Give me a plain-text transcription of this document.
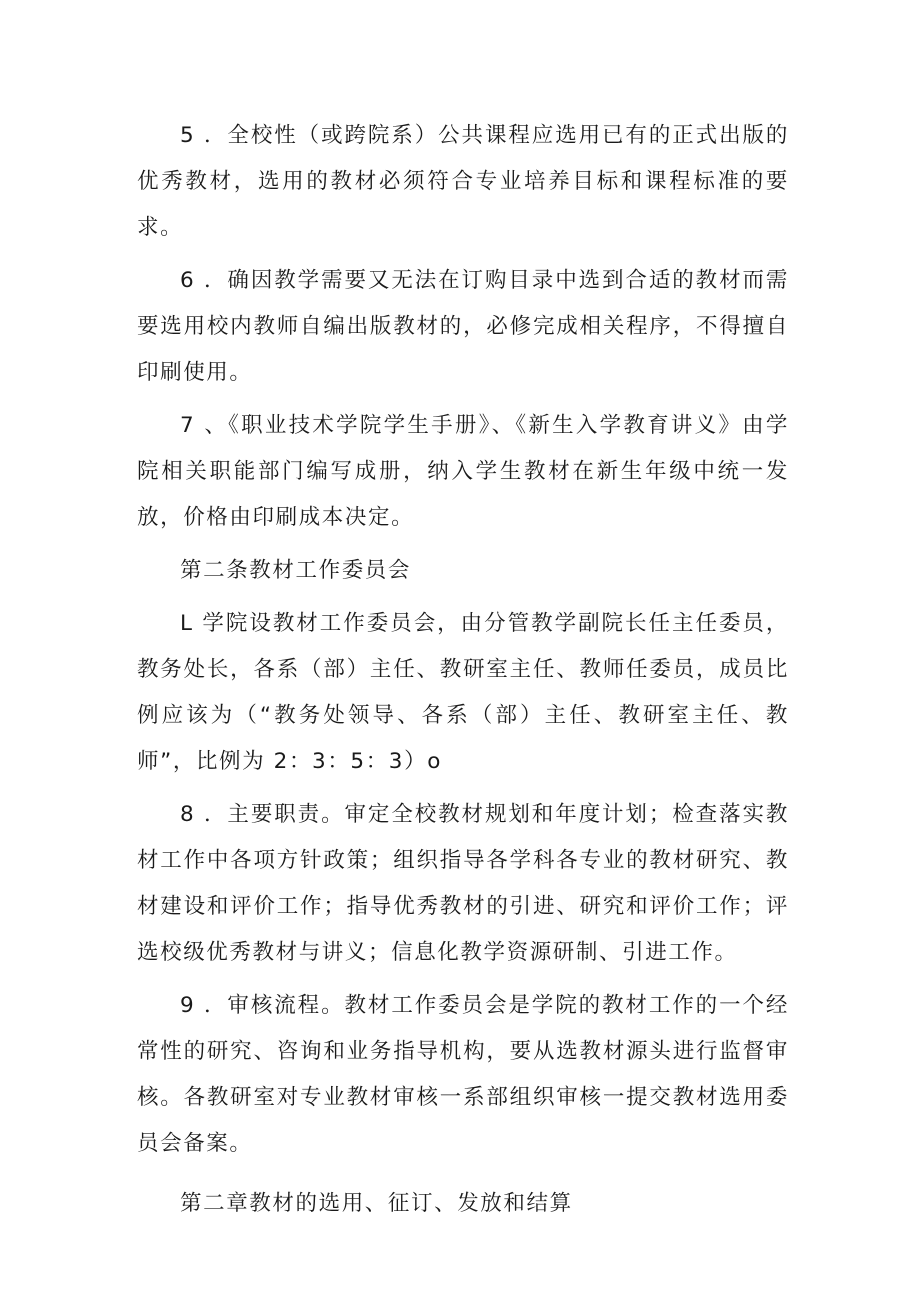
5 ．全校性（或跨院系）公共课程应选用已有的正式出版的优秀教材，选用的教材必须符合专业培养目标和课程标准的要求。

6 ．确因教学需要又无法在订购目录中选到合适的教材而需要选用校内教师自编出版教材的，必修完成相关程序，不得擅自印刷使用。

7 、《职业技术学院学生手册》、《新生入学教育讲义》由学院相关职能部门编写成册，纳入学生教材在新生年级中统一发放，价格由印刷成本决定。

第二条教材工作委员会

L 学院设教材工作委员会，由分管教学副院长任主任委员，教务处长，各系（部）主任、教研室主任、教师任委员，成员比例应该为（“教务处领导、各系（部）主任、教研室主任、教师”，比例为 2：3：5：3）o

8 ．主要职责。审定全校教材规划和年度计划；检查落实教材工作中各项方针政策；组织指导各学科各专业的教材研究、教材建设和评价工作；指导优秀教材的引进、研究和评价工作；评选校级优秀教材与讲义；信息化教学资源研制、引进工作。

9 ．审核流程。教材工作委员会是学院的教材工作的一个经常性的研究、咨询和业务指导机构，要从选教材源头进行监督审核。各教研室对专业教材审核一系部组织审核一提交教材选用委员会备案。

第二章教材的选用、征订、发放和结算
